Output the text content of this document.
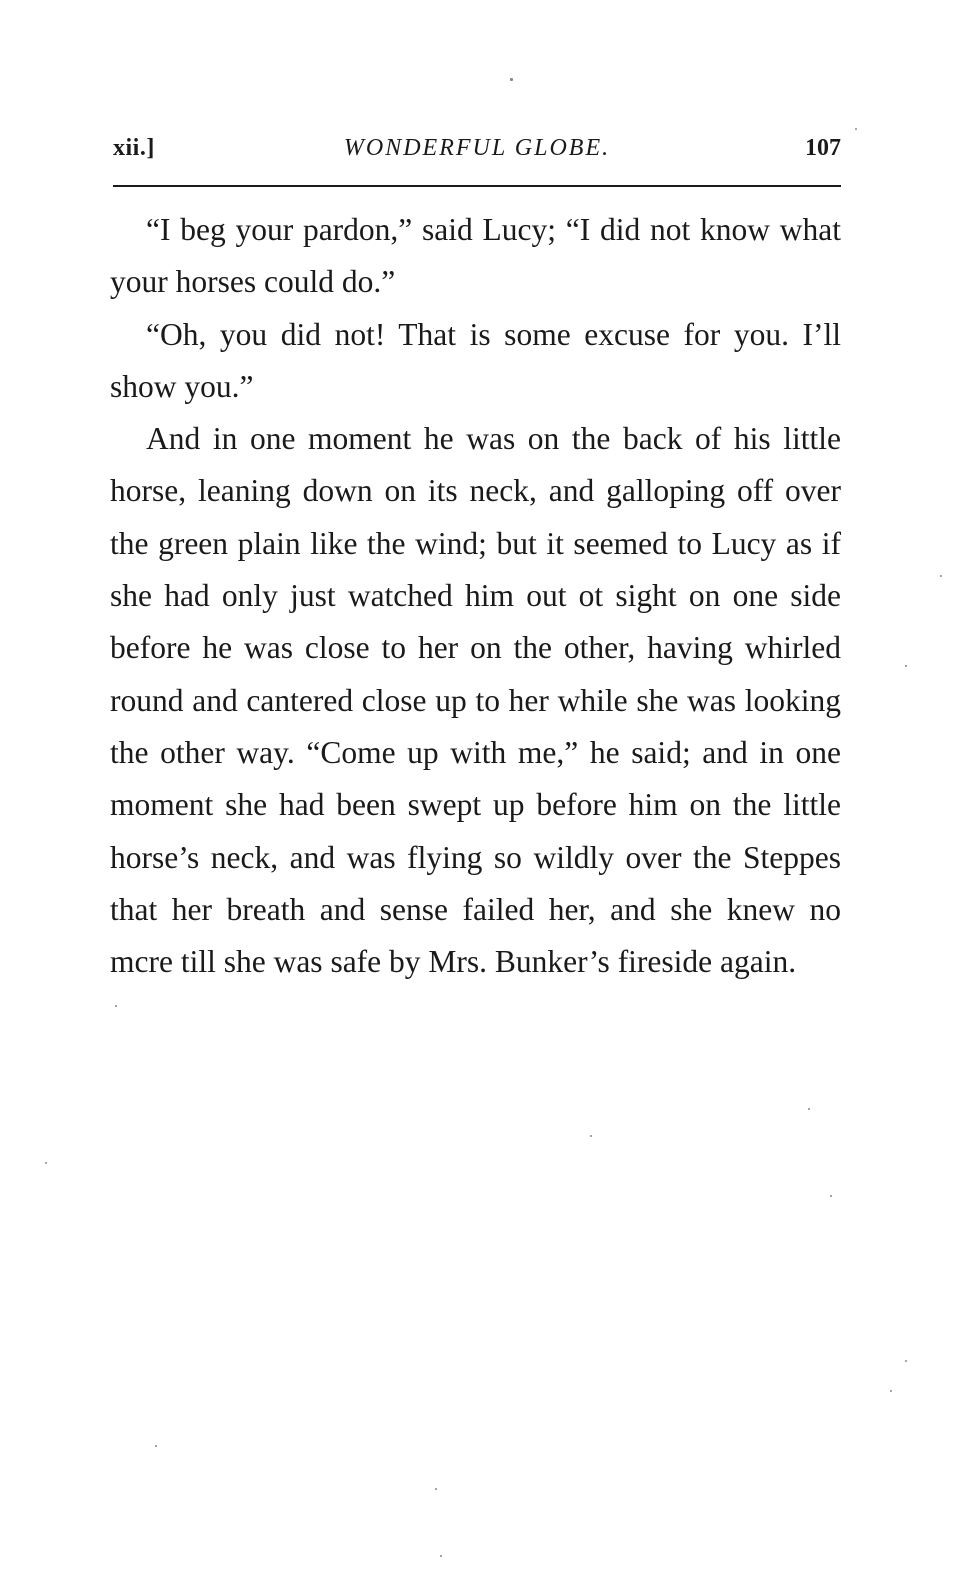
xii.]	WONDERFUL GLOBE.	107

“I beg your pardon,” said Lucy; “I did not know what your horses could do.”

“Oh, you did not! That is some excuse for you. I’ll show you.”

And in one moment he was on the back of his little horse, leaning down on its neck, and galloping off over the green plain like the wind; but it seemed to Lucy as if she had only just watched him out ot sight on one side before he was close to her on the other, having whirled round and cantered close up to her while she was looking the other way. “Come up with me,” he said; and in one moment she had been swept up before him on the little horse’s neck, and was flying so wildly over the Steppes that her breath and sense failed her, and she knew no mcre till she was safe by Mrs. Bunker’s fireside again.
